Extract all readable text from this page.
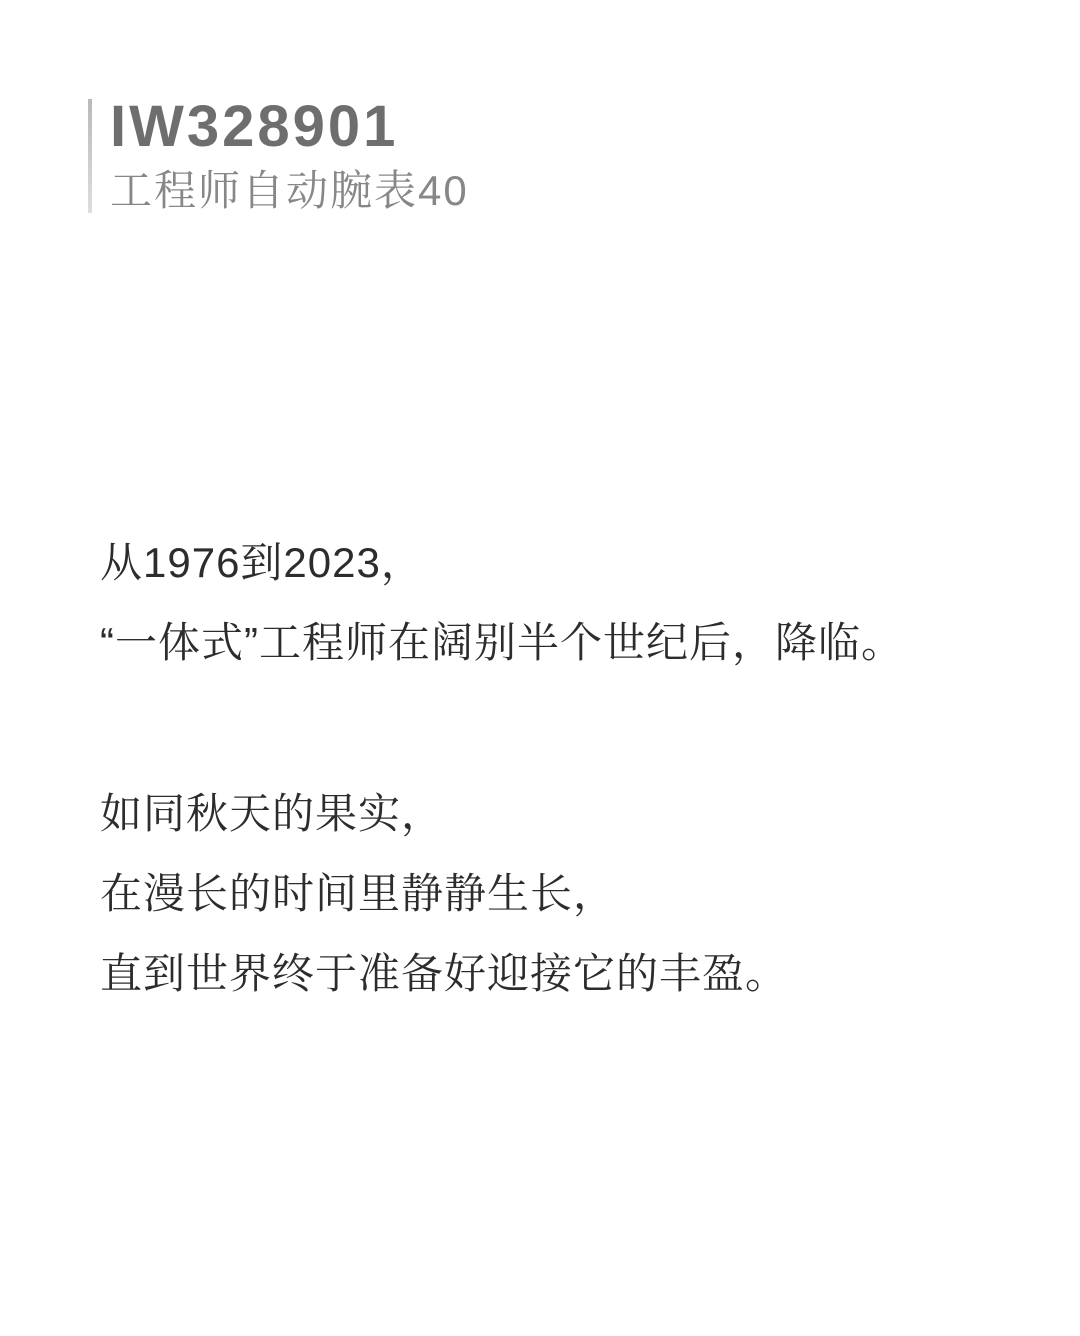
IW328901
工程师自动腕表40

从1976到2023，
“一体式”工程师在阔别半个世纪后，降临。

如同秋天的果实，
在漫长的时间里静静生长，
直到世界终于准备好迎接它的丰盈。
